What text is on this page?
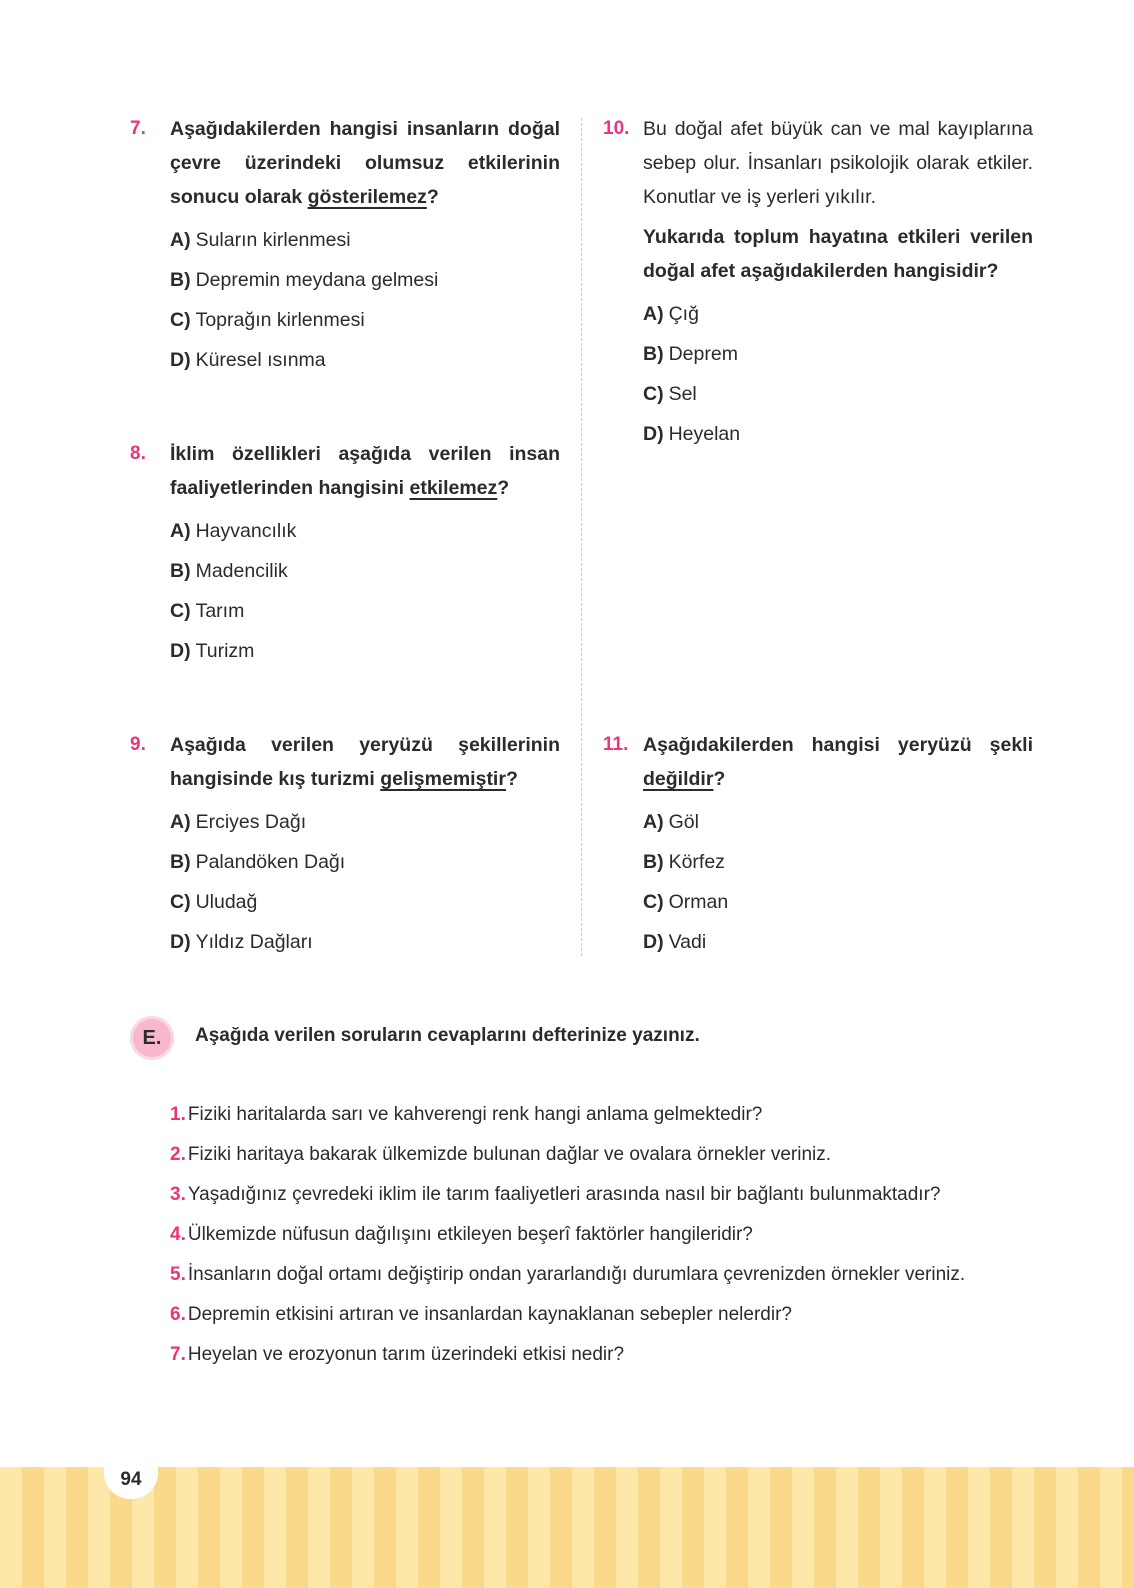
7. Aşağıdakilerden hangisi insanların doğal çevre üzerindeki olumsuz etkilerinin sonucu olarak gösterilemez?

A) Suların kirlenmesi
B) Depremin meydana gelmesi
C) Toprağın kirlenmesi
D) Küresel ısınma
8. İklim özellikleri aşağıda verilen insan faaliyetlerinden hangisini etkilemez?

A) Hayvancılık
B) Madencilik
C) Tarım
D) Turizm
9. Aşağıda verilen yeryüzü şekillerinin hangisinde kış turizmi gelişmemiştir?

A) Erciyes Dağı
B) Palandöken Dağı
C) Uludağ
D) Yıldız Dağları
10. Bu doğal afet büyük can ve mal kayıplarına sebep olur. İnsanları psikolojik olarak etkiler. Konutlar ve iş yerleri yıkılır.

Yukarıda toplum hayatına etkileri verilen doğal afet aşağıdakilerden hangisidir?

A) Çığ
B) Deprem
C) Sel
D) Heyelan
11. Aşağıdakilerden hangisi yeryüzü şekli değildir?

A) Göl
B) Körfez
C) Orman
D) Vadi
E.	Aşağıda verilen soruların cevaplarını defterinize yazınız.
1. Fiziki haritalarda sarı ve kahverengi renk hangi anlama gelmektedir?
2. Fiziki haritaya bakarak ülkemizde bulunan dağlar ve ovalara örnekler veriniz.
3. Yaşadığınız çevredeki iklim ile tarım faaliyetleri arasında nasıl bir bağlantı bulunmaktadır?
4. Ülkemizde nüfusun dağılışını etkileyen beşerî faktörler hangileridir?
5. İnsanların doğal ortamı değiştirip ondan yararlandığı durumlara çevrenizden örnekler veriniz.
6. Depremin etkisini artıran ve insanlardan kaynaklanan sebepler nelerdir?
7. Heyelan ve erozyonun tarım üzerindeki etkisi nedir?
94
